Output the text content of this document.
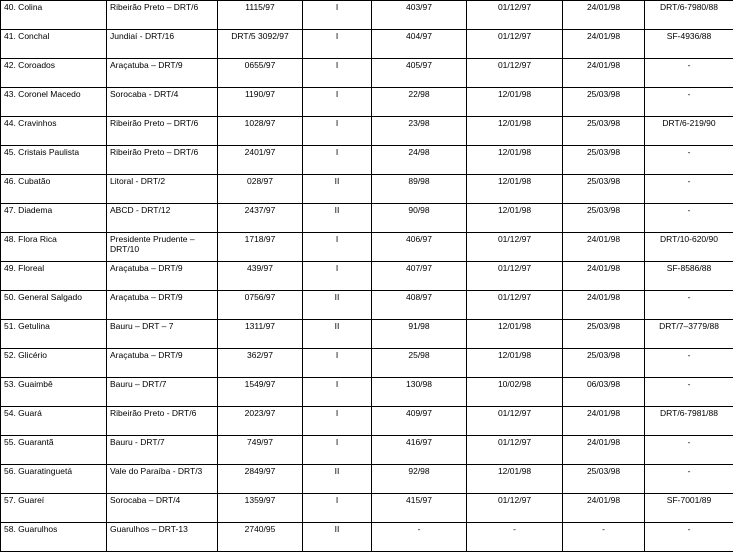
40. Colina	Ribeirão Preto – DRT/6	1115/97	I	403/97	01/12/97	24/01/98	DRT/6-7980/88
41. Conchal	Jundiaí - DRT/16	DRT/5 3092/97	I	404/97	01/12/97	24/01/98	SF-4936/88
42. Coroados	Araçatuba – DRT/9	0655/97	I	405/97	01/12/97	24/01/98	-
43. Coronel Macedo	Sorocaba - DRT/4	1190/97	I	22/98	12/01/98	25/03/98	-
44. Cravinhos	Ribeirão Preto – DRT/6	1028/97	I	23/98	12/01/98	25/03/98	DRT/6-219/90
45. Cristais Paulista	Ribeirão Preto – DRT/6	2401/97	I	24/98	12/01/98	25/03/98	-
46. Cubatão	Litoral - DRT/2	028/97	II	89/98	12/01/98	25/03/98	-
47. Diadema	ABCD - DRT/12	2437/97	II	90/98	12/01/98	25/03/98	-
48. Flora Rica	Presidente Prudente – DRT/10	1718/97	I	406/97	01/12/97	24/01/98	DRT/10-620/90
49. Floreal	Araçatuba – DRT/9	439/97	I	407/97	01/12/97	24/01/98	SF-8586/88
50. General Salgado	Araçatuba – DRT/9	0756/97	II	408/97	01/12/97	24/01/98	-
51. Getulina	Bauru – DRT – 7	1311/97	II	91/98	12/01/98	25/03/98	DRT/7–3779/88
52. Glicério	Araçatuba – DRT/9	362/97	I	25/98	12/01/98	25/03/98	-
53. Guaimbê	Bauru – DRT/7	1549/97	I	130/98	10/02/98	06/03/98	-
54. Guará	Ribeirão Preto - DRT/6	2023/97	I	409/97	01/12/97	24/01/98	DRT/6-7981/88
55. Guarantã	Bauru - DRT/7	749/97	I	416/97	01/12/97	24/01/98	-
56. Guaratinguetá	Vale do Paraíba - DRT/3	2849/97	II	92/98	12/01/98	25/03/98	-
57. Guareí	Sorocaba – DRT/4	1359/97	I	415/97	01/12/97	24/01/98	SF-7001/89
58. Guarulhos	Guarulhos – DRT-13	2740/95	II	-	-	-	-
